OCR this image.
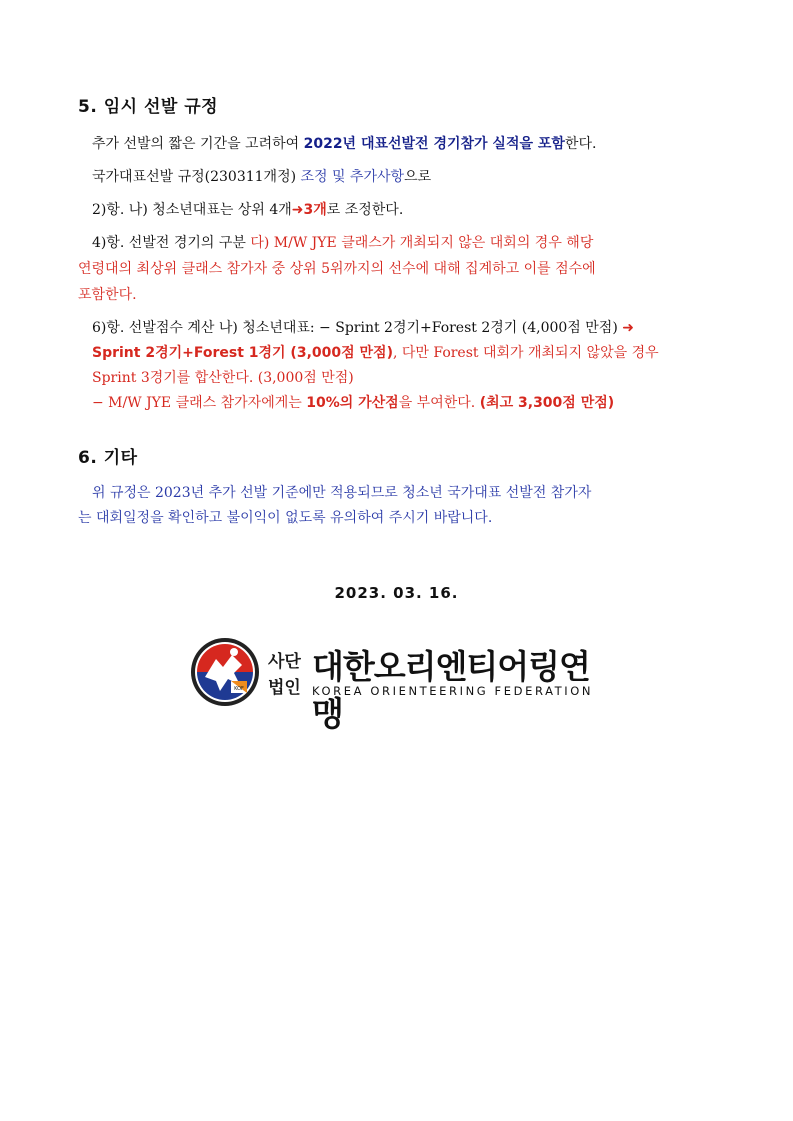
5. 임시 선발 규정
추가 선발의 짧은 기간을 고려하여 2022년 대표선발전 경기참가 실적을 포함한다.
국가대표선발 규정(230311개정) 조정 및 추가사항으로
2)항. 나) 청소년대표는 상위 4개➜3개로 조정한다.
4)항. 선발전 경기의 구분 다) M/W JYE 클래스가 개최되지 않은 대회의 경우 해당
연령대의 최상위 클래스 참가자 중 상위 5위까지의 선수에 대해 집계하고 이를 점수에
포함한다.
6)항. 선발점수 계산 나) 청소년대표: − Sprint 2경기+Forest 2경기 (4,000점 만점) ➜
Sprint 2경기+Forest 1경기 (3,000점 만점), 다만 Forest 대회가 개최되지 않았을 경우
Sprint 3경기를 합산한다. (3,000점 만점)
− M/W JYE 클래스 참가자에게는 10%의 가산점을 부여한다. (최고 3,300점 만점)
6. 기타
위 규정은 2023년 추가 선발 기준에만 적용되므로 청소년 국가대표 선발전 참가자
는 대회일정을 확인하고 불이익이 없도록 유의하여 주시기 바랍니다.
2023. 03. 16.
KOF
사단
법인
대한오리엔티어링연맹
KOREA ORIENTEERING FEDERATION
